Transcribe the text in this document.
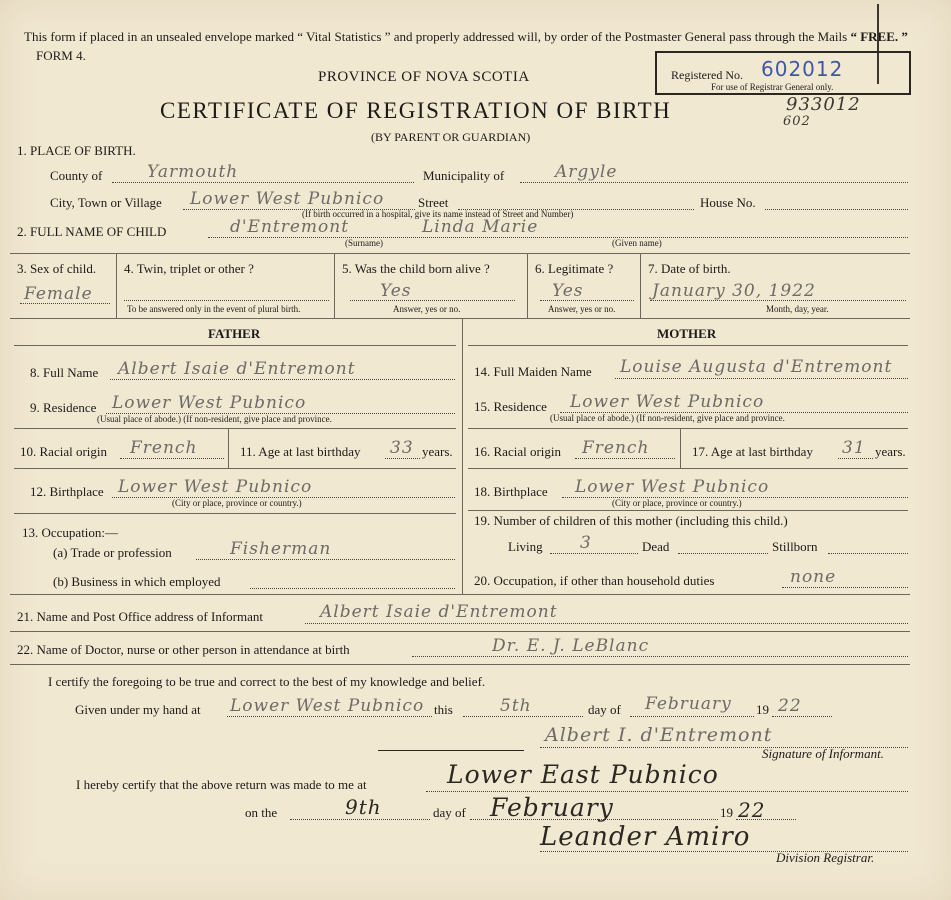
This form if placed in an unsealed envelope marked “ Vital Statistics ” and properly addressed will, by order of the Postmaster General pass through the Mails “ FREE. ”
FORM 4.
PROVINCE OF NOVA SCOTIA
CERTIFICATE OF REGISTRATION OF BIRTH
(BY PARENT OR GUARDIAN)
Registered No. 602012
For use of Registrar General only.
933012
602
1. PLACE OF BIRTH.
County of	Yarmouth	Municipality of	Argyle
City, Town or Village Lower West Pubnico	Street	House No.
(If birth occurred in a hospital, give its name instead of Street and Number)
2. FULL NAME OF CHILD	d'Entremont	Linda Marie
(Surname)	(Given name)
3. Sex of child.
Female
4. Twin, triplet or other ?
To be answered only in the event of plural birth.
5. Was the child born alive ?
Yes
Answer, yes or no.
6. Legitimate ?
Yes
Answer, yes or no.
7. Date of birth.
January 30, 1922
Month, day, year.
FATHER	MOTHER
8. Full Name Albert Isaie d'Entremont
9. Residence Lower West Pubnico
(Usual place of abode.) (If non-resident, give place and province.
10. Racial origin French	11. Age at last birthday 33 years.
12. Birthplace Lower West Pubnico
(City or place, province or country.)
13. Occupation:—
(a) Trade or profession	Fisherman
(b) Business in which employed
14. Full Maiden Name Louise Augusta d'Entremont
15. Residence Lower West Pubnico
(Usual place of abode.) (If non-resident, give place and province.
16. Racial origin French	17. Age at last birthday 31 years.
18. Birthplace Lower West Pubnico
(City or place, province or country.)
19. Number of children of this mother (including this child.)
Living 3	Dead	Stillborn
20. Occupation, if other than household duties	none
21. Name and Post Office address of Informant	Albert Isaie d'Entremont
22. Name of Doctor, nurse or other person in attendance at birth	Dr. E. J. LeBlanc
I certify the foregoing to be true and correct to the best of my knowledge and belief.
Given under my hand at Lower West Pubnico this	5th	day of February 19 22
Albert I. d'Entremont
Signature of Informant.
I hereby certify that the above return was made to me at	Lower East Pubnico
on the	9th	day of February	19 22
Leander Amiro
Division Registrar.
